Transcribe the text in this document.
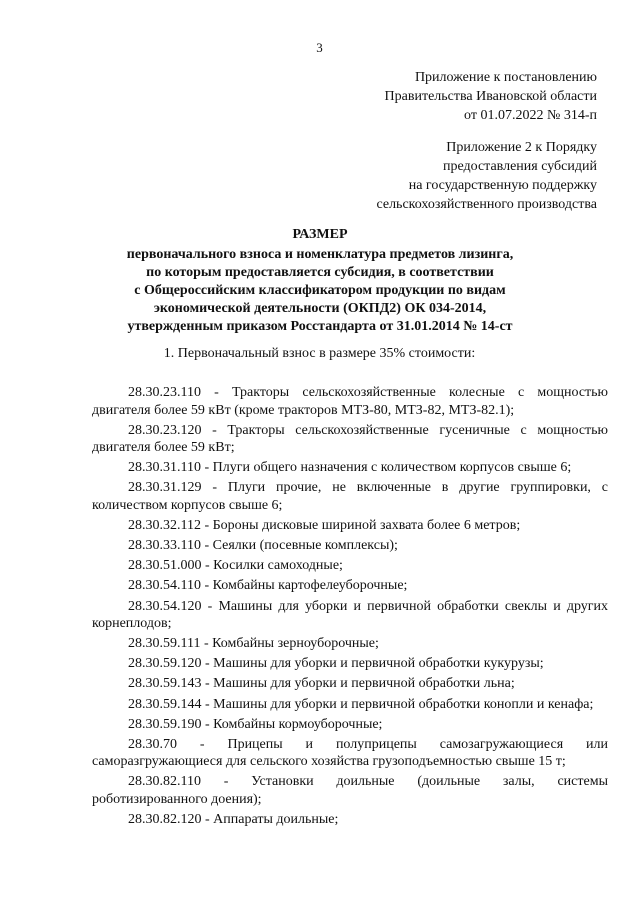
3
Приложение к постановлению
Правительства Ивановской области
от 01.07.2022 № 314-п
Приложение 2 к Порядку
предоставления субсидий
на государственную поддержку
сельскохозяйственного производства
РАЗМЕР
первоначального взноса и номенклатура предметов лизинга,
по которым предоставляется субсидия, в соответствии
с Общероссийским классификатором продукции по видам
экономической деятельности (ОКПД2) ОК 034-2014,
утвержденным приказом Росстандарта от 31.01.2014 № 14-ст
1. Первоначальный взнос в размере 35% стоимости:
28.30.23.110 - Тракторы сельскохозяйственные колесные с мощностью двигателя более 59 кВт (кроме тракторов МТЗ-80, МТЗ-82, МТЗ-82.1);
28.30.23.120 - Тракторы сельскохозяйственные гусеничные с мощностью двигателя более 59 кВт;
28.30.31.110 - Плуги общего назначения с количеством корпусов свыше 6;
28.30.31.129 - Плуги прочие, не включенные в другие группировки, с количеством корпусов свыше 6;
28.30.32.112 - Бороны дисковые шириной захвата более 6 метров;
28.30.33.110 - Сеялки (посевные комплексы);
28.30.51.000 - Косилки самоходные;
28.30.54.110 - Комбайны картофелеуборочные;
28.30.54.120 - Машины для уборки и первичной обработки свеклы и других корнеплодов;
28.30.59.111 - Комбайны зерноуборочные;
28.30.59.120 - Машины для уборки и первичной обработки кукурузы;
28.30.59.143 - Машины для уборки и первичной обработки льна;
28.30.59.144 - Машины для уборки и первичной обработки конопли и кенафа;
28.30.59.190 - Комбайны кормоуборочные;
28.30.70 - Прицепы и полуприцепы самозагружающиеся или саморазгружающиеся для сельского хозяйства грузоподъемностью свыше 15 т;
28.30.82.110 - Установки доильные (доильные залы, системы роботизированного доения);
28.30.82.120 - Аппараты доильные;
